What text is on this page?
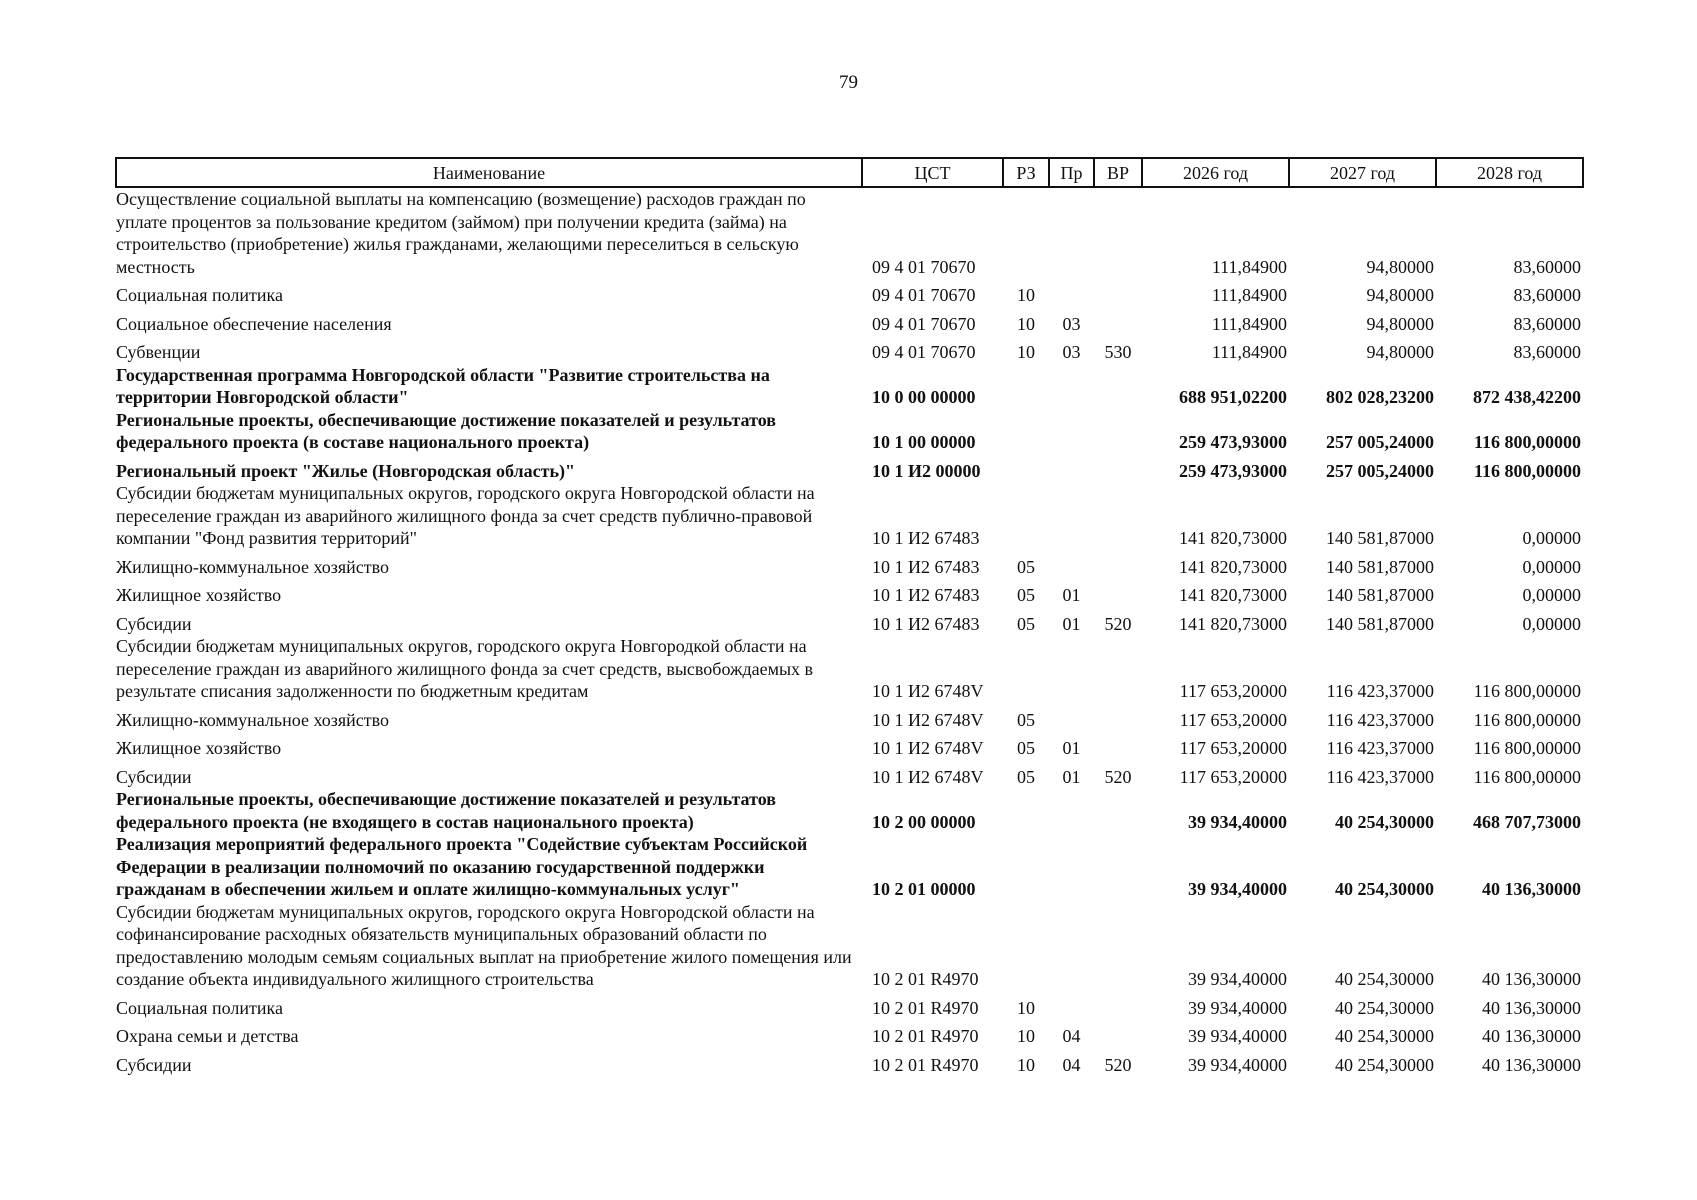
79
Наименование	ЦСТ	РЗ	Пр	ВР	2026 год	2027 год	2028 год
Осуществление социальной выплаты на компенсацию (возмещение) расходов граждан по уплате процентов за пользование кредитом (займом) при получении кредита (займа) на строительство (приобретение) жилья гражданами, желающими переселиться в сельскую местность	09 4 01 70670				111,84900	94,80000	83,60000
Социальная политика	09 4 01 70670	10			111,84900	94,80000	83,60000
Социальное обеспечение населения	09 4 01 70670	10	03		111,84900	94,80000	83,60000
Субвенции	09 4 01 70670	10	03	530	111,84900	94,80000	83,60000
Государственная программа Новгородской области "Развитие строительства на территории Новгородской области"	10 0 00 00000				688 951,02200	802 028,23200	872 438,42200
Региональные проекты, обеспечивающие достижение показателей и результатов федерального проекта (в составе национального проекта)	10 1 00 00000				259 473,93000	257 005,24000	116 800,00000
Региональный проект "Жилье (Новгородская область)"	10 1 И2 00000				259 473,93000	257 005,24000	116 800,00000
Субсидии бюджетам муниципальных округов, городского округа Новгородской области на переселение граждан из аварийного жилищного фонда за счет средств публично-правовой компании "Фонд развития территорий"	10 1 И2 67483				141 820,73000	140 581,87000	0,00000
Жилищно-коммунальное хозяйство	10 1 И2 67483	05			141 820,73000	140 581,87000	0,00000
Жилищное хозяйство	10 1 И2 67483	05	01		141 820,73000	140 581,87000	0,00000
Субсидии	10 1 И2 67483	05	01	520	141 820,73000	140 581,87000	0,00000
Субсидии бюджетам муниципальных округов, городского округа Новгородкой области на переселение граждан из аварийного жилищного фонда за счет средств, высвобождаемых в результате списания задолженности по бюджетным кредитам	10 1 И2 6748V				117 653,20000	116 423,37000	116 800,00000
Жилищно-коммунальное хозяйство	10 1 И2 6748V	05			117 653,20000	116 423,37000	116 800,00000
Жилищное хозяйство	10 1 И2 6748V	05	01		117 653,20000	116 423,37000	116 800,00000
Субсидии	10 1 И2 6748V	05	01	520	117 653,20000	116 423,37000	116 800,00000
Региональные проекты, обеспечивающие достижение показателей и результатов федерального проекта (не входящего в состав национального проекта)	10 2 00 00000				39 934,40000	40 254,30000	468 707,73000
Реализация мероприятий федерального проекта "Содействие субъектам Российской Федерации в реализации полномочий по оказанию государственной поддержки гражданам в обеспечении жильем и оплате жилищно-коммунальных услуг"	10 2 01 00000				39 934,40000	40 254,30000	40 136,30000
Субсидии бюджетам муниципальных округов, городского округа Новгородской области на софинансирование расходных обязательств муниципальных образований области по предоставлению молодым семьям социальных выплат на приобретение жилого помещения или создание объекта индивидуального жилищного строительства	10 2 01 R4970				39 934,40000	40 254,30000	40 136,30000
Социальная политика	10 2 01 R4970	10			39 934,40000	40 254,30000	40 136,30000
Охрана семьи и детства	10 2 01 R4970	10	04		39 934,40000	40 254,30000	40 136,30000
Субсидии	10 2 01 R4970	10	04	520	39 934,40000	40 254,30000	40 136,30000
